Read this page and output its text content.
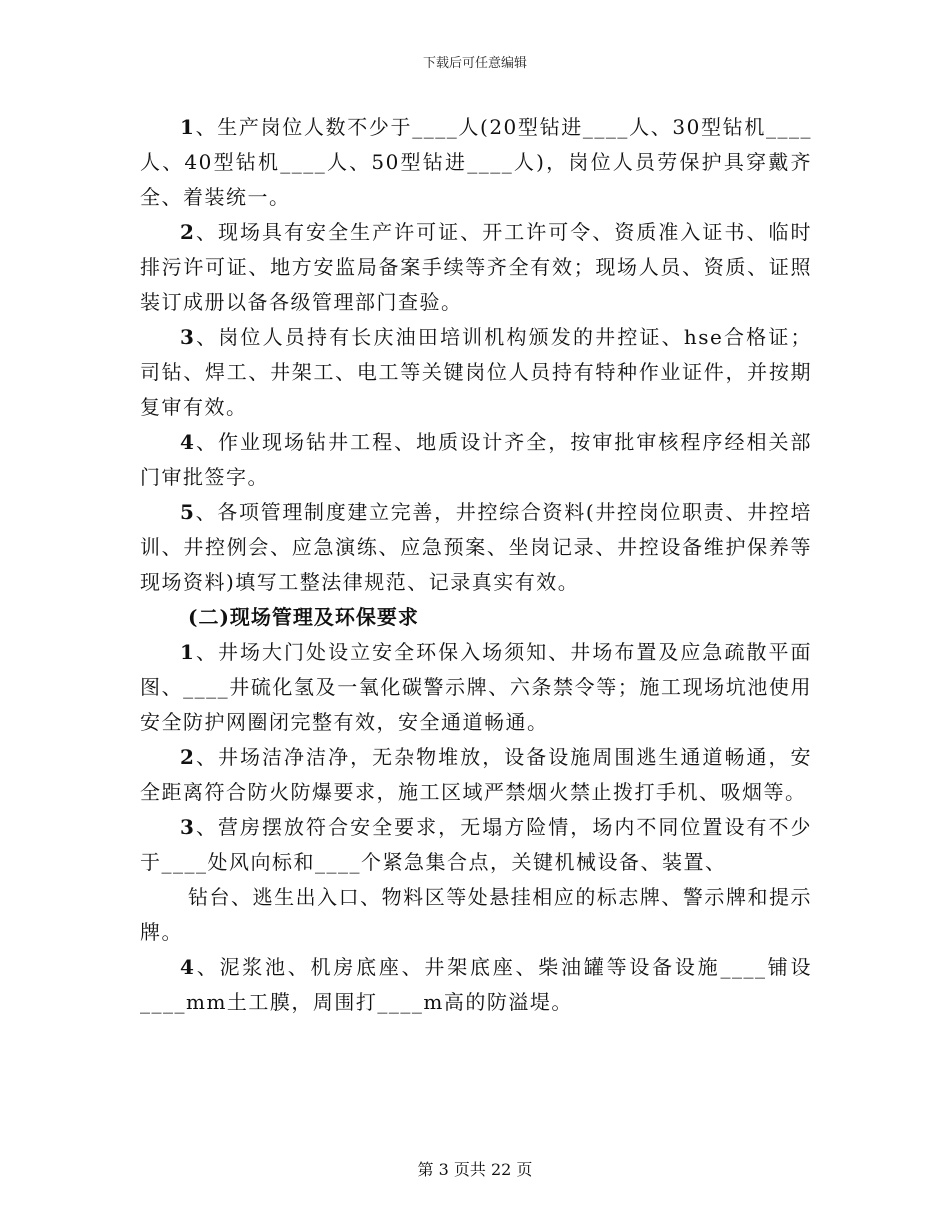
下载后可任意编辑

1、生产岗位人数不少于____人(20型钻进____人、30型钻机____人、40型钻机____人、50型钻进____人)，岗位人员劳保护具穿戴齐全、着装统一。

2、现场具有安全生产许可证、开工许可令、资质准入证书、临时排污许可证、地方安监局备案手续等齐全有效；现场人员、资质、证照装订成册以备各级管理部门查验。

3、岗位人员持有长庆油田培训机构颁发的井控证、hse合格证；司钻、焊工、井架工、电工等关键岗位人员持有特种作业证件，并按期复审有效。

4、作业现场钻井工程、地质设计齐全，按审批审核程序经相关部门审批签字。

5、各项管理制度建立完善，井控综合资料(井控岗位职责、井控培训、井控例会、应急演练、应急预案、坐岗记录、井控设备维护保养等现场资料)填写工整法律规范、记录真实有效。

(二)现场管理及环保要求

1、井场大门处设立安全环保入场须知、井场布置及应急疏散平面图、____井硫化氢及一氧化碳警示牌、六条禁令等；施工现场坑池使用安全防护网圈闭完整有效，安全通道畅通。

2、井场洁净洁净，无杂物堆放，设备设施周围逃生通道畅通，安全距离符合防火防爆要求，施工区域严禁烟火禁止拨打手机、吸烟等。

3、营房摆放符合安全要求，无塌方险情，场内不同位置设有不少于____处风向标和____个紧急集合点，关键机械设备、装置、

钻台、逃生出入口、物料区等处悬挂相应的标志牌、警示牌和提示牌。

4、泥浆池、机房底座、井架底座、柴油罐等设备设施____铺设____mm土工膜，周围打____m高的防溢堤。

第 3 页共 22 页
